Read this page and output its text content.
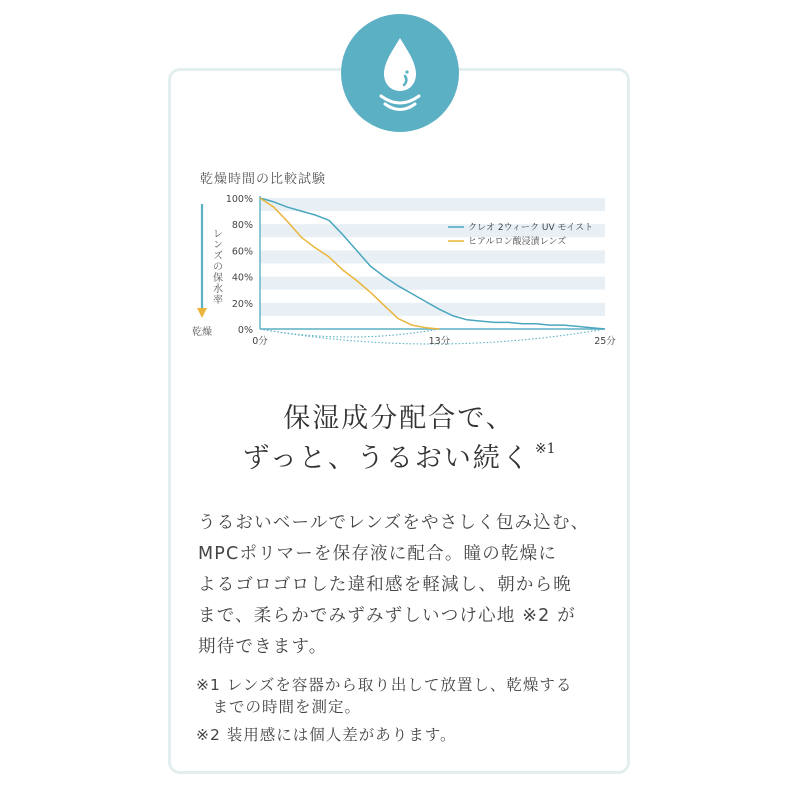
乾燥時間の比較試験
レンズの保水率
乾燥
100%
80%
60%
40%
20%
0%
0分	13分	25分
クレオ 2ウィーク UV モイスト
ヒアルロン酸浸漬レンズ
保湿成分配合で、
ずっと、うるおい続く $^{※1}$
うるおいベールでレンズをやさしく包み込む、
MPCポリマーを保存液に配合。瞳の乾燥に
よるゴロゴロした違和感を軽減し、朝から晩
まで、柔らかでみずみずしいつけ心地 ※2 が
期待できます。
※1 レンズを容器から取り出して放置し、乾燥する
　までの時間を測定。
※2 装用感には個人差があります。
